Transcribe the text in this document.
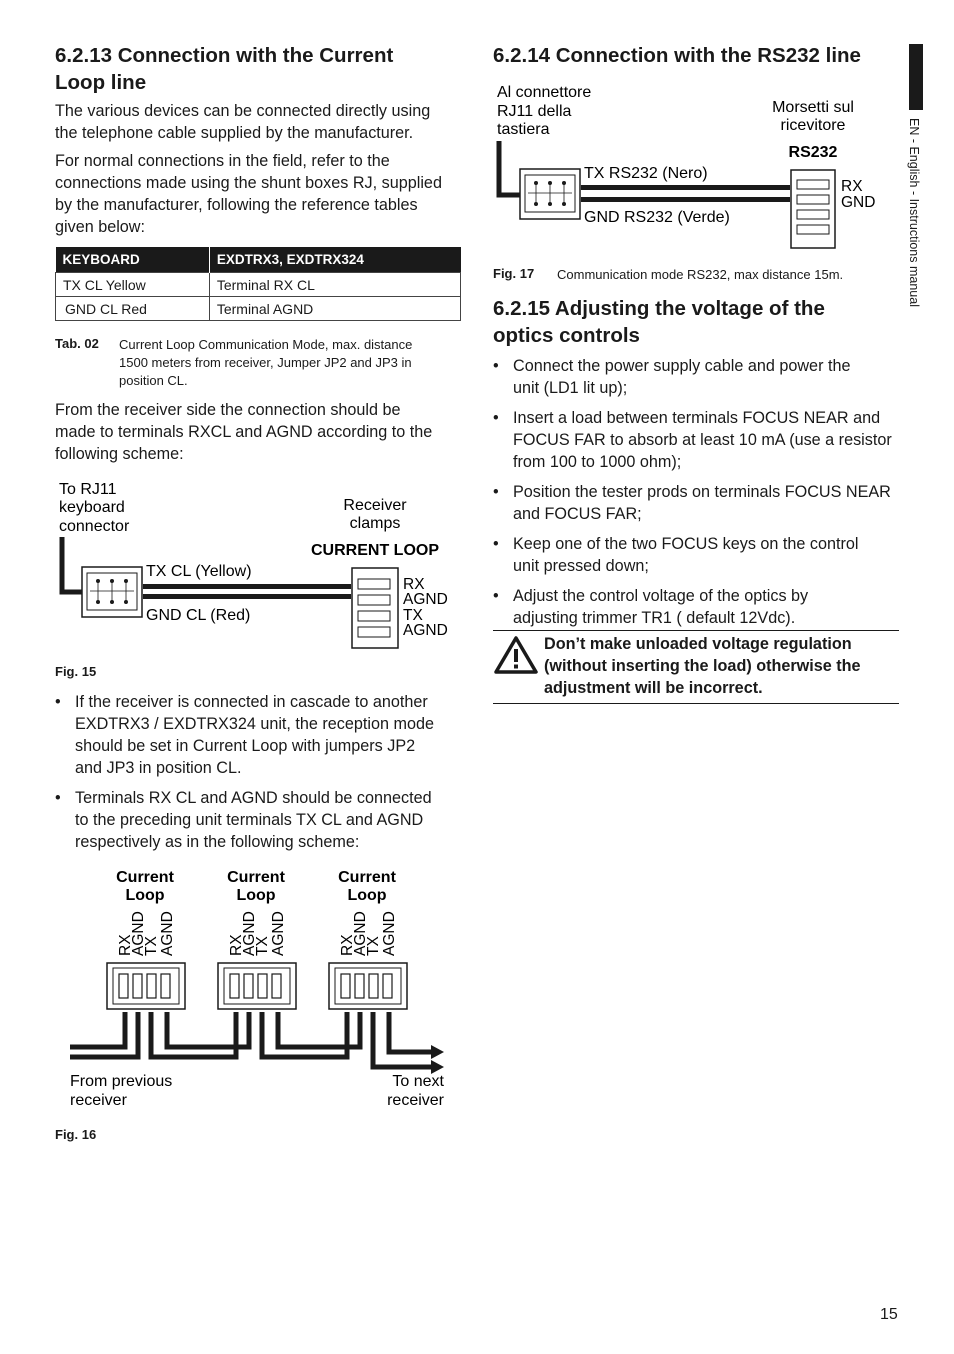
EN - English - Instructions manual
6.2.13 Connection with the Current
Loop line

The various devices can be connected directly using

the telephone cable supplied by the manufacturer.

For normal connections in the field, refer to the

connections made using the shunt boxes RJ, supplied

by the manufacturer, following the reference tables

given below:

KEYBOARD	EXDTRX3, EXDTRX324
TX CL Yellow	Terminal RX CL
GND CL Red	Terminal AGND
Tab. 02 Current Loop Communication Mode, max. distance
1500 meters from receiver, Jumper JP2 and JP3 in
position CL.

From the receiver side the connection should be

made to terminals RXCL and AGND according to the

following scheme:

To RJ11
keyboard
connector
Receiver
clamps
CURRENT LOOP
TX CL (Yellow)
GND CL (Red)
RX
AGND
TX
AGND
Fig. 15
• If the receiver is connected in cascade to another
EXDTRX3 / EXDTRX324 unit, the reception mode
should be set in Current Loop with jumpers JP2
and JP3 in position CL.
• Terminals RX CL and AGND should be connected
to the preceding unit terminals TX CL and AGND
respectively as in the following scheme:
Current
Loop
RX
AGND
TX AGND
Current
Loop
RX
AGND
TX AGND
Current
Loop
RX
AGND
TX AGND
From previous
receiver
To next
receiver
Fig. 16
6.2.14 Connection with the RS232 line
Al connettore
RJ11 della
tastiera
Morsetti sul
ricevitore
RS232
TX RS232 (Nero)
GND RS232 (Verde)
RX
GND
Fig. 17 Communication mode RS232, max distance 15m.
6.2.15 Adjusting the voltage of the
optics controls
• Connect the power supply cable and power the
unit (LD1 lit up);
• Insert a load between terminals FOCUS NEAR and
FOCUS FAR to absorb at least 10 mA (use a resistor
from 100 to 1000 ohm);
• Position the tester prods on terminals FOCUS NEAR
and FOCUS FAR;
• Keep one of the two FOCUS keys on the control
unit pressed down;
• Adjust the control voltage of the optics by
adjusting trimmer TR1 ( default 12Vdc).
Don’t make unloaded voltage regulation
(without inserting the load) otherwise the
adjustment will be incorrect.
15
